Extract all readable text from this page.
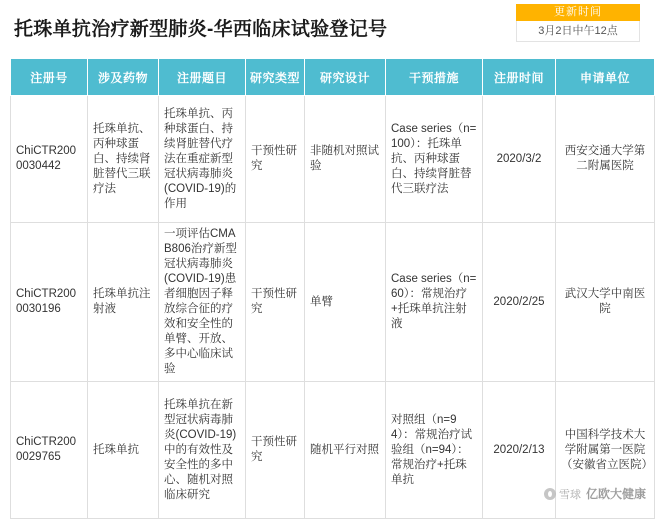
托珠单抗治疗新型肺炎-华西临床试验登记号
更新时间
3月2日中午12点
注册号	涉及药物	注册题目	研究类型	研究设计	干预措施	注册时间	申请单位
ChiCTR2000030442	托珠单抗、丙种球蛋白、持续肾脏替代三联疗法	托珠单抗、丙种球蛋白、持续肾脏替代疗法在重症新型冠状病毒肺炎(COVID-19)的作用	干预性研究	非随机对照试验	Case series（n=100）：托珠单抗、丙种球蛋白、持续肾脏替代三联疗法	2020/3/2	西安交通大学第二附属医院
ChiCTR2000030196	托珠单抗注射液	一项评估CMAB806治疗新型冠状病毒肺炎(COVID-19)患者细胞因子释放综合征的疗效和安全性的单臂、开放、多中心临床试验	干预性研究	单臂	Case series（n=60）：常规治疗+托珠单抗注射液	2020/2/25	武汉大学中南医院
ChiCTR2000029765	托珠单抗	托珠单抗在新型冠状病毒肺炎(COVID-19)中的有效性及安全性的多中心、随机对照临床研究	干预性研究	随机平行对照	对照组（n=94）：常规治疗试验组（n=94）：常规治疗+托珠单抗	2020/2/13	中国科学技术大学附属第一医院（安徽省立医院）
雪球 亿欧大健康
